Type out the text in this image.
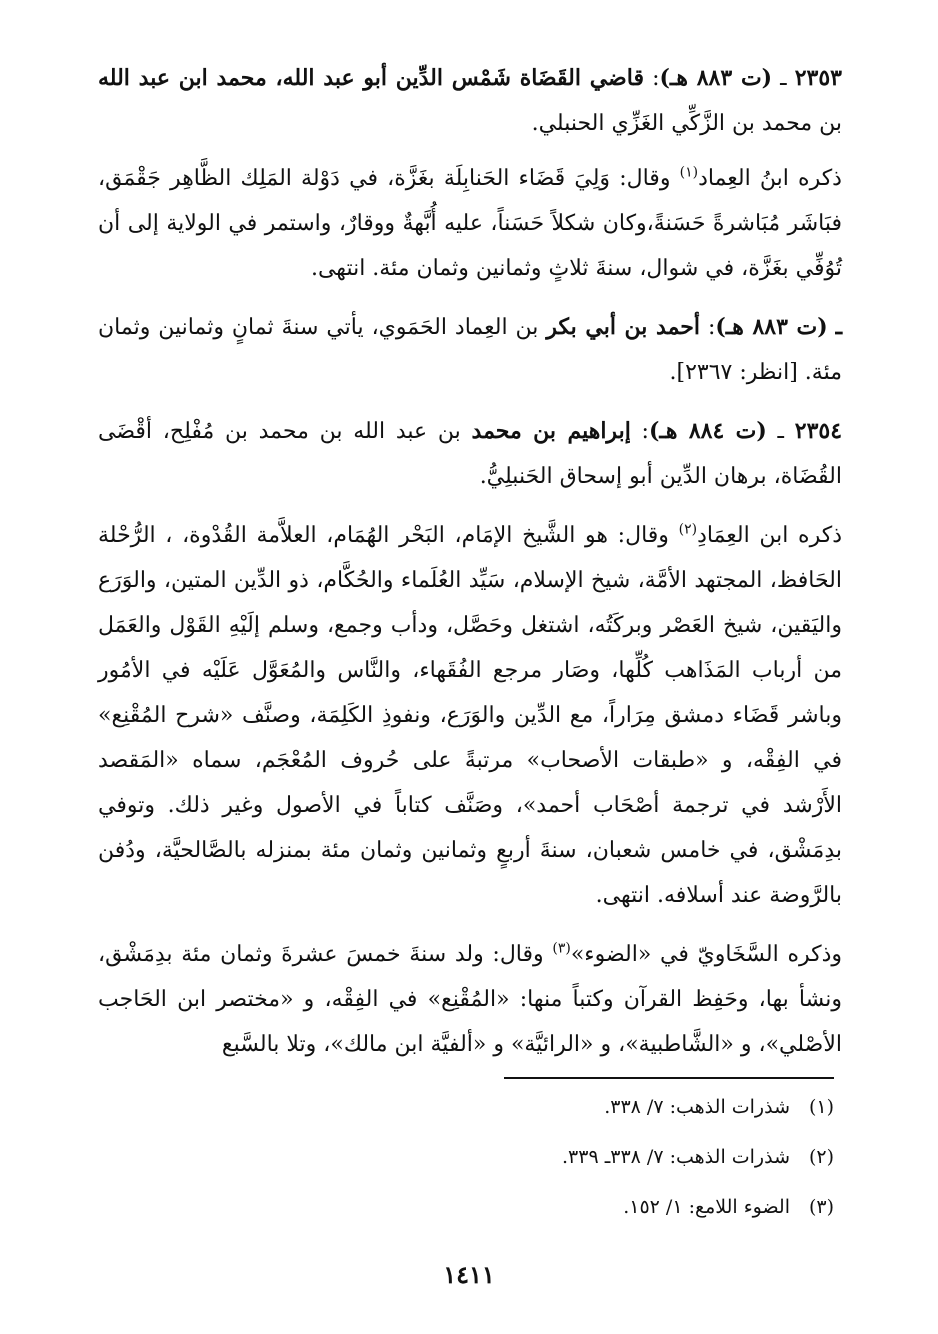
٢٣٥٣ ـ (ت ٨٨٣ هـ): قاضي القَضَاة شَمْس الدِّين أبو عبد الله، محمد ابن عبد الله بن محمد بن الزَّكِّي الغَزِّي الحنبلي.

ذكره ابنُ العِماد$^{(١)}$ وقال: وَلِيَ قَضَاء الحَنابِلَة بغَزَّة، في دَوْلة المَلِك الظَّاهِر جَقْمَق، فبَاشَر مُبَاشرةً حَسَنةً،وكان شكلاً حَسَناً، عليه أُبَّهةٌ ووقارٌ، واستمر في الولاية إلى أن تُوُفِّي بغَزَّة، في شوال، سنةَ ثلاثٍ وثمانين وثمان مئة. انتهى.

ـ (ت ٨٨٣ هـ): أحمد بن أبي بكر بن العِماد الحَمَوي، يأتي سنةَ ثمانٍ وثمانين وثمان مئة. [انظر: ٢٣٦٧].

٢٣٥٤ ـ (ت ٨٨٤ هـ): إبراهيم بن محمد بن عبد الله بن محمد بن مُفْلِح، أقْضَى القُضَاة، برهان الدِّين أبو إسحاق الحَنبلِيُّ.

ذكره ابن العِمَادِ$^{(٢)}$ وقال: هو الشَّيخ الإمَام، البَحْر الهُمَام، العلاَّمة القُدْوة، ، الرُّحْلة الحَافظ، المجتهد الأمَّة، شيخ الإسلام، سَيِّد العُلَماء والحُكَّام، ذو الدِّين المتين، والوَرَع واليَقين، شيخ العَصْر وبركَتُه، اشتغل وحَصَّل، ودأب وجمع، وسلم إلَيْهِ القَوْل والعَمَل من أرباب المَذَاهب كُلِّها، وصَار مرجع الفُقَهاء، والنَّاس والمُعَوَّل عَلَيْه في الأمُور وباشر قَضَاء دمشق مِرَاراً، مع الدِّين والوَرَع، ونفوذِ الكَلِمَة، وصنَّف «شرح المُقْنِع» في الفِقْه، و «طبقات الأصحاب» مرتبةً على حُروف المُعْجَم، سماه «المَقصد الأَرْشد في ترجمة أصْحَاب أحمد»، وصَنَّف كتاباً في الأصول وغير ذلك. وتوفي بدِمَشْق، في خامس شعبان، سنةَ أربعٍ وثمانين وثمان مئة بمنزله بالصَّالحيَّة، ودُفن بالرَّوضة عند أسلافه. انتهى.

وذكره السَّخَاويّ في «الضوء»$^{(٣)}$ وقال: ولد سنةَ خمسَ عشرةَ وثمان مئة بدِمَشْق، ونشأ بها، وحَفِظ القرآن وكتباً منها: «المُقْنِع» في الفِقْه، و «مختصر ابن الحَاجب الأصْلي»، و «الشَّاطبية»، و «الرائيَّة» و «ألفيَّة ابن مالك»، وتلا بالسَّبع

(١)شذرات الذهب: ٧/ ٣٣٨.

(٢)شذرات الذهب: ٧/ ٣٣٨ـ ٣٣٩.

(٣)الضوء اللامع: ١/ ١٥٢.

١٤١١
